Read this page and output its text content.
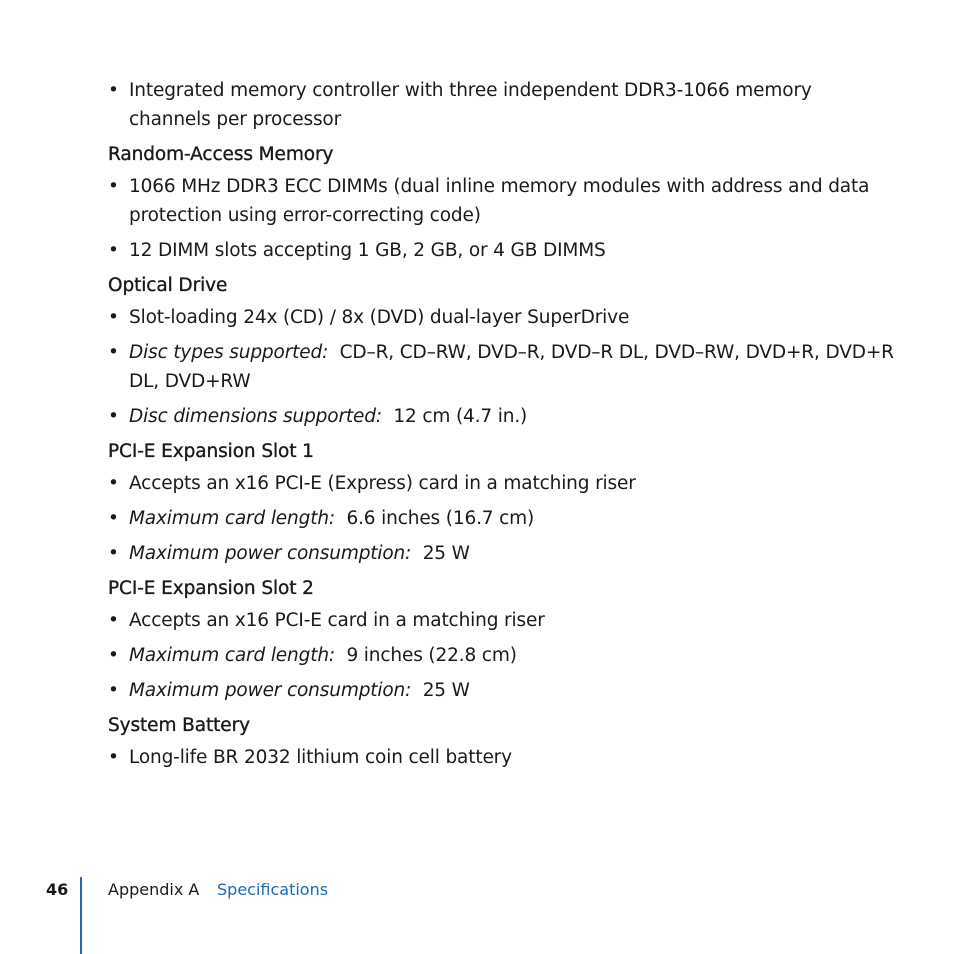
• Integrated memory controller with three independent DDR3-1066 memory channels per processor
Random-Access Memory
• 1066 MHz DDR3 ECC DIMMs (dual inline memory modules with address and data protection using error-correcting code)
• 12 DIMM slots accepting 1 GB, 2 GB, or 4 GB DIMMS
Optical Drive
• Slot-loading 24x (CD) / 8x (DVD) dual-layer SuperDrive
• Disc types supported: CD–R, CD–RW, DVD–R, DVD–R DL, DVD–RW, DVD+R, DVD+R DL, DVD+RW
• Disc dimensions supported: 12 cm (4.7 in.)
PCI-E Expansion Slot 1
• Accepts an x16 PCI-E (Express) card in a matching riser
• Maximum card length: 6.6 inches (16.7 cm)
• Maximum power consumption: 25 W
PCI-E Expansion Slot 2
• Accepts an x16 PCI-E card in a matching riser
• Maximum card length: 9 inches (22.8 cm)
• Maximum power consumption: 25 W
System Battery
• Long-life BR 2032 lithium coin cell battery
46 Appendix A Specifications
